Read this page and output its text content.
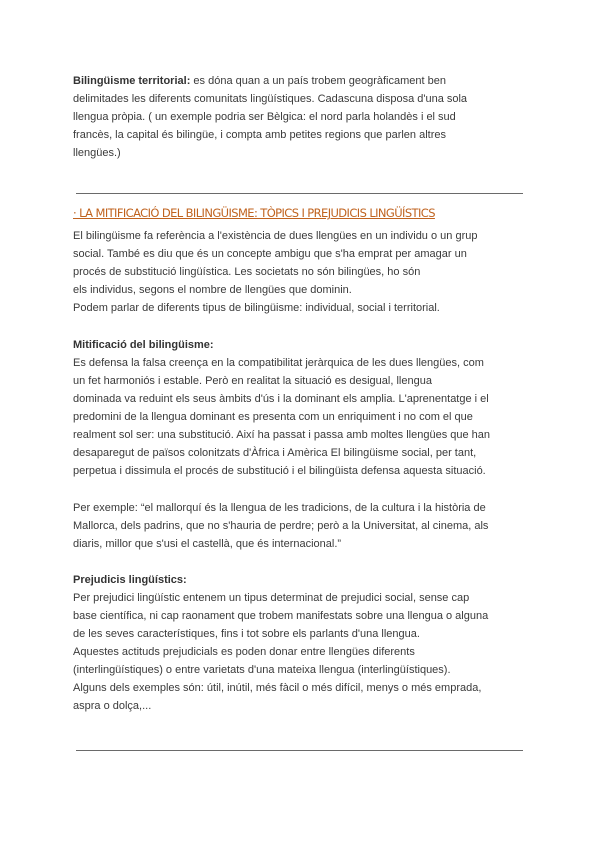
Bilingüisme territorial: es dóna quan a un país trobem geogràficament ben

delimitades les diferents comunitats lingüístiques. Cadascuna disposa d'una sola

llengua pròpia. ( un exemple podria ser Bèlgica: el nord parla holandès i el sud

francès, la capital és bilingüe, i compta amb petites regions que parlen altres

llengües.)

· LA MITIFICACIÓ DEL BILINGÜISME: TÒPICS I PREJUDICIS LINGÜÍSTICS

El bilingüisme fa referència a l'existència de dues llengües en un individu o un grup

social. També es diu que és un concepte ambigu que s'ha emprat per amagar un

procés de substitució lingüística. Les societats no són bilingües, ho són

els individus, segons el nombre de llengües que dominin.

Podem parlar de diferents tipus de bilingüisme: individual, social i territorial.

Mitificació del bilingüisme:

Es defensa la falsa creença en la compatibilitat jeràrquica de les dues llengües, com

un fet harmoniós i estable. Però en realitat la situació es desigual, llengua

dominada va reduint els seus àmbits d'ús i la dominant els amplia. L'aprenentatge i el

predomini de la llengua dominant es presenta com un enriquiment i no com el que

realment sol ser: una substitució. Així ha passat i passa amb moltes llengües que han

desaparegut de països colonitzats d'Àfrica i Amèrica El bilingüisme social, per tant,

perpetua i dissimula el procés de substitució i el bilingüista defensa aquesta situació.

Per exemple: “el mallorquí és la llengua de les tradicions, de la cultura i la història de

Mallorca, dels padrins, que no s'hauria de perdre; però a la Universitat, al cinema, als

diaris, millor que s'usi el castellà, que és internacional.”

Prejudicis lingüístics:

Per prejudici lingüístic entenem un tipus determinat de prejudici social, sense cap

base científica, ni cap raonament que trobem manifestats sobre una llengua o alguna

de les seves característiques, fins i tot sobre els parlants d'una llengua.

Aquestes actituds prejudicials es poden donar entre llengües diferents

(interlingüístiques) o entre varietats d'una mateixa llengua (interlingüístiques).

Alguns dels exemples són: útil, inútil, més fàcil o més difícil, menys o més emprada,

aspra o dolça,...
